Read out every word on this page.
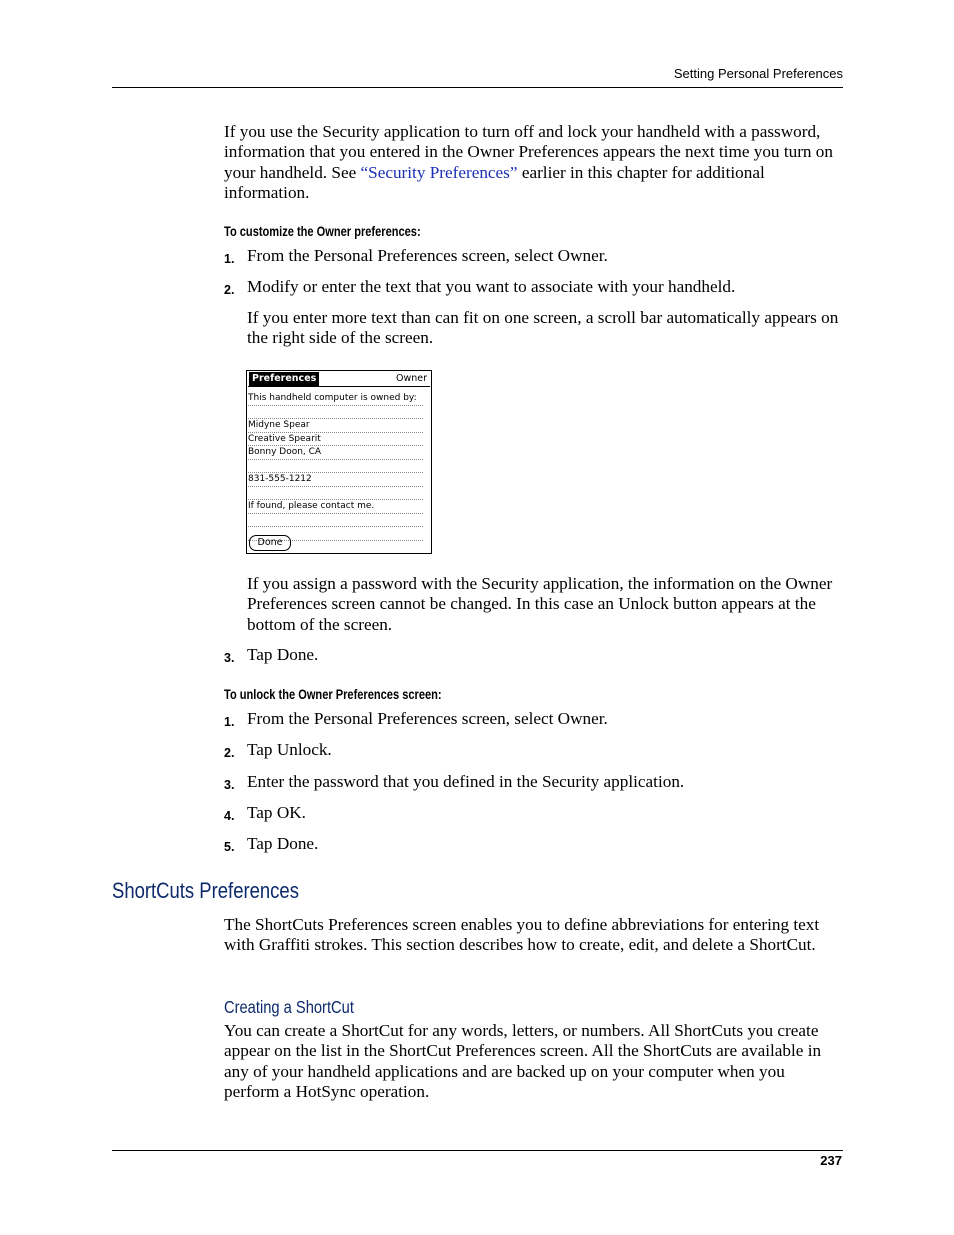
Setting Personal Preferences
If you use the Security application to turn off and lock your handheld with a password, information that you entered in the Owner Preferences appears the next time you turn on your handheld. See “Security Preferences” earlier in this chapter for additional information.
To customize the Owner preferences:
1. From the Personal Preferences screen, select Owner.
2. Modify or enter the text that you want to associate with your handheld.
If you enter more text than can fit on one screen, a scroll bar automatically appears on the right side of the screen.
Preferences	Owner
This handheld computer is owned by:
Midyne Spear
Creative Spearit
Bonny Doon, CA
831-555-1212
If found, please contact me.
Done
If you assign a password with the Security application, the information on the Owner Preferences screen cannot be changed. In this case an Unlock button appears at the bottom of the screen.
3. Tap Done.
To unlock the Owner Preferences screen:
1. From the Personal Preferences screen, select Owner.
2. Tap Unlock.
3. Enter the password that you defined in the Security application.
4. Tap OK.
5. Tap Done.
ShortCuts Preferences
The ShortCuts Preferences screen enables you to define abbreviations for entering text with Graffiti strokes. This section describes how to create, edit, and delete a ShortCut.
Creating a ShortCut
You can create a ShortCut for any words, letters, or numbers. All ShortCuts you create appear on the list in the ShortCut Preferences screen. All the ShortCuts are available in any of your handheld applications and are backed up on your computer when you perform a HotSync operation.
237
